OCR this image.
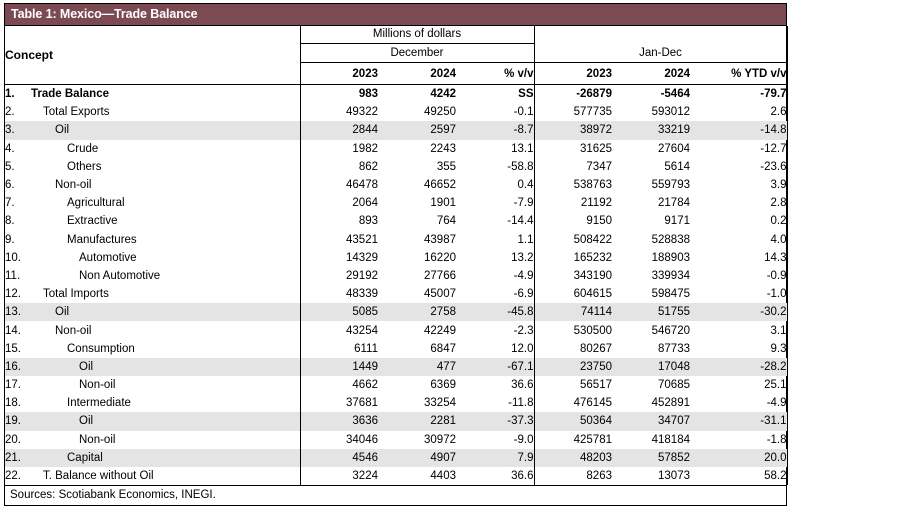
Table 1: Mexico—Trade Balance
Concept		Millions of dollars					
		December			Jan-Dec		
		2023	2024	% v/v	2023	2024	% YTD v/v
1.	Trade Balance	983	4242	SS	-26879	-5464	-79.7
2.	Total Exports	49322	49250	-0.1	577735	593012	2.6
3.	Oil	2844	2597	-8.7	38972	33219	-14.8
4.	Crude	1982	2243	13.1	31625	27604	-12.7
5.	Others	862	355	-58.8	7347	5614	-23.6
6.	Non-oil	46478	46652	0.4	538763	559793	3.9
7.	Agricultural	2064	1901	-7.9	21192	21784	2.8
8.	Extractive	893	764	-14.4	9150	9171	0.2
9.	Manufactures	43521	43987	1.1	508422	528838	4.0
10.	Automotive	14329	16220	13.2	165232	188903	14.3
11.	Non Automotive	29192	27766	-4.9	343190	339934	-0.9
12.	Total Imports	48339	45007	-6.9	604615	598475	-1.0
13.	Oil	5085	2758	-45.8	74114	51755	-30.2
14.	Non-oil	43254	42249	-2.3	530500	546720	3.1
15.	Consumption	6111	6847	12.0	80267	87733	9.3
16.	Oil	1449	477	-67.1	23750	17048	-28.2
17.	Non-oil	4662	6369	36.6	56517	70685	25.1
18.	Intermediate	37681	33254	-11.8	476145	452891	-4.9
19.	Oil	3636	2281	-37.3	50364	34707	-31.1
20.	Non-oil	34046	30972	-9.0	425781	418184	-1.8
21.	Capital	4546	4907	7.9	48203	57852	20.0
22.	T. Balance without Oil	3224	4403	36.6	8263	13073	58.2
Sources: Scotiabank Economics, INEGI.
